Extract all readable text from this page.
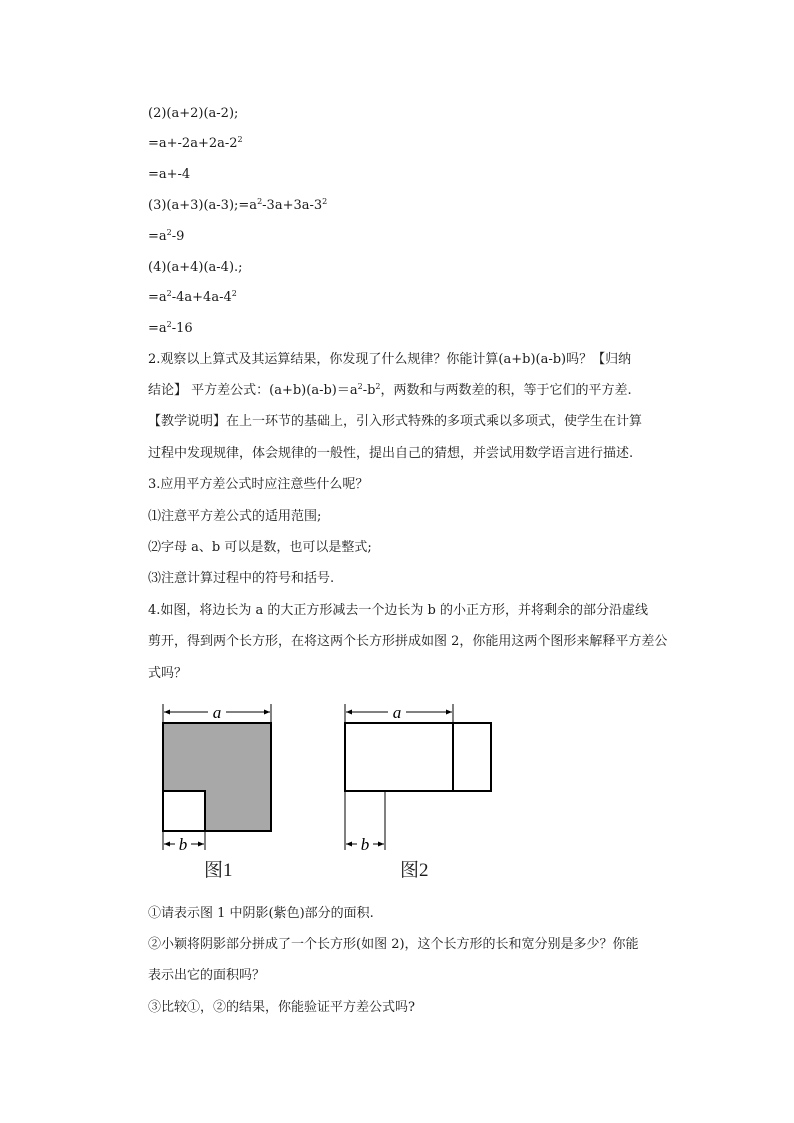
(2)(a+2)(a-2);
$=a+-2a+2a-2^2$
=a+-4
$(3)(a+3)(a-3);=a^2-3a+3a-3^2$
$=a^2-9$
(4)(a+4)(a-4).;
$=a^2-4a+4a-4^2$
$=a^2-16$
2.观察以上算式及其运算结果，你发现了什么规律？你能计算(a+b)(a-b)吗？【归纳
结论】 平方差公式：$(a+b)(a-b)=a^2-b^2$，两数和与两数差的积，等于它们的平方差.
【教学说明】在上一环节的基础上，引入形式特殊的多项式乘以多项式，使学生在计算
过程中发现规律，体会规律的一般性，提出自己的猜想，并尝试用数学语言进行描述.
3.应用平方差公式时应注意些什么呢？
⑴注意平方差公式的适用范围;
⑵字母 a、b 可以是数，也可以是整式;
⑶注意计算过程中的符号和括号.
4.如图，将边长为 a 的大正方形减去一个边长为 b 的小正方形，并将剩余的部分沿虚线
剪开，得到两个长方形，在将这两个长方形拼成如图 2，你能用这两个图形来解释平方差公
式吗？
a
b
图1
a
b
图2
①请表示图 1 中阴影(紫色)部分的面积.
②小颖将阴影部分拼成了一个长方形(如图 2)，这个长方形的长和宽分别是多少？你能
表示出它的面积吗？
③比较①，②的结果，你能验证平方差公式吗?
